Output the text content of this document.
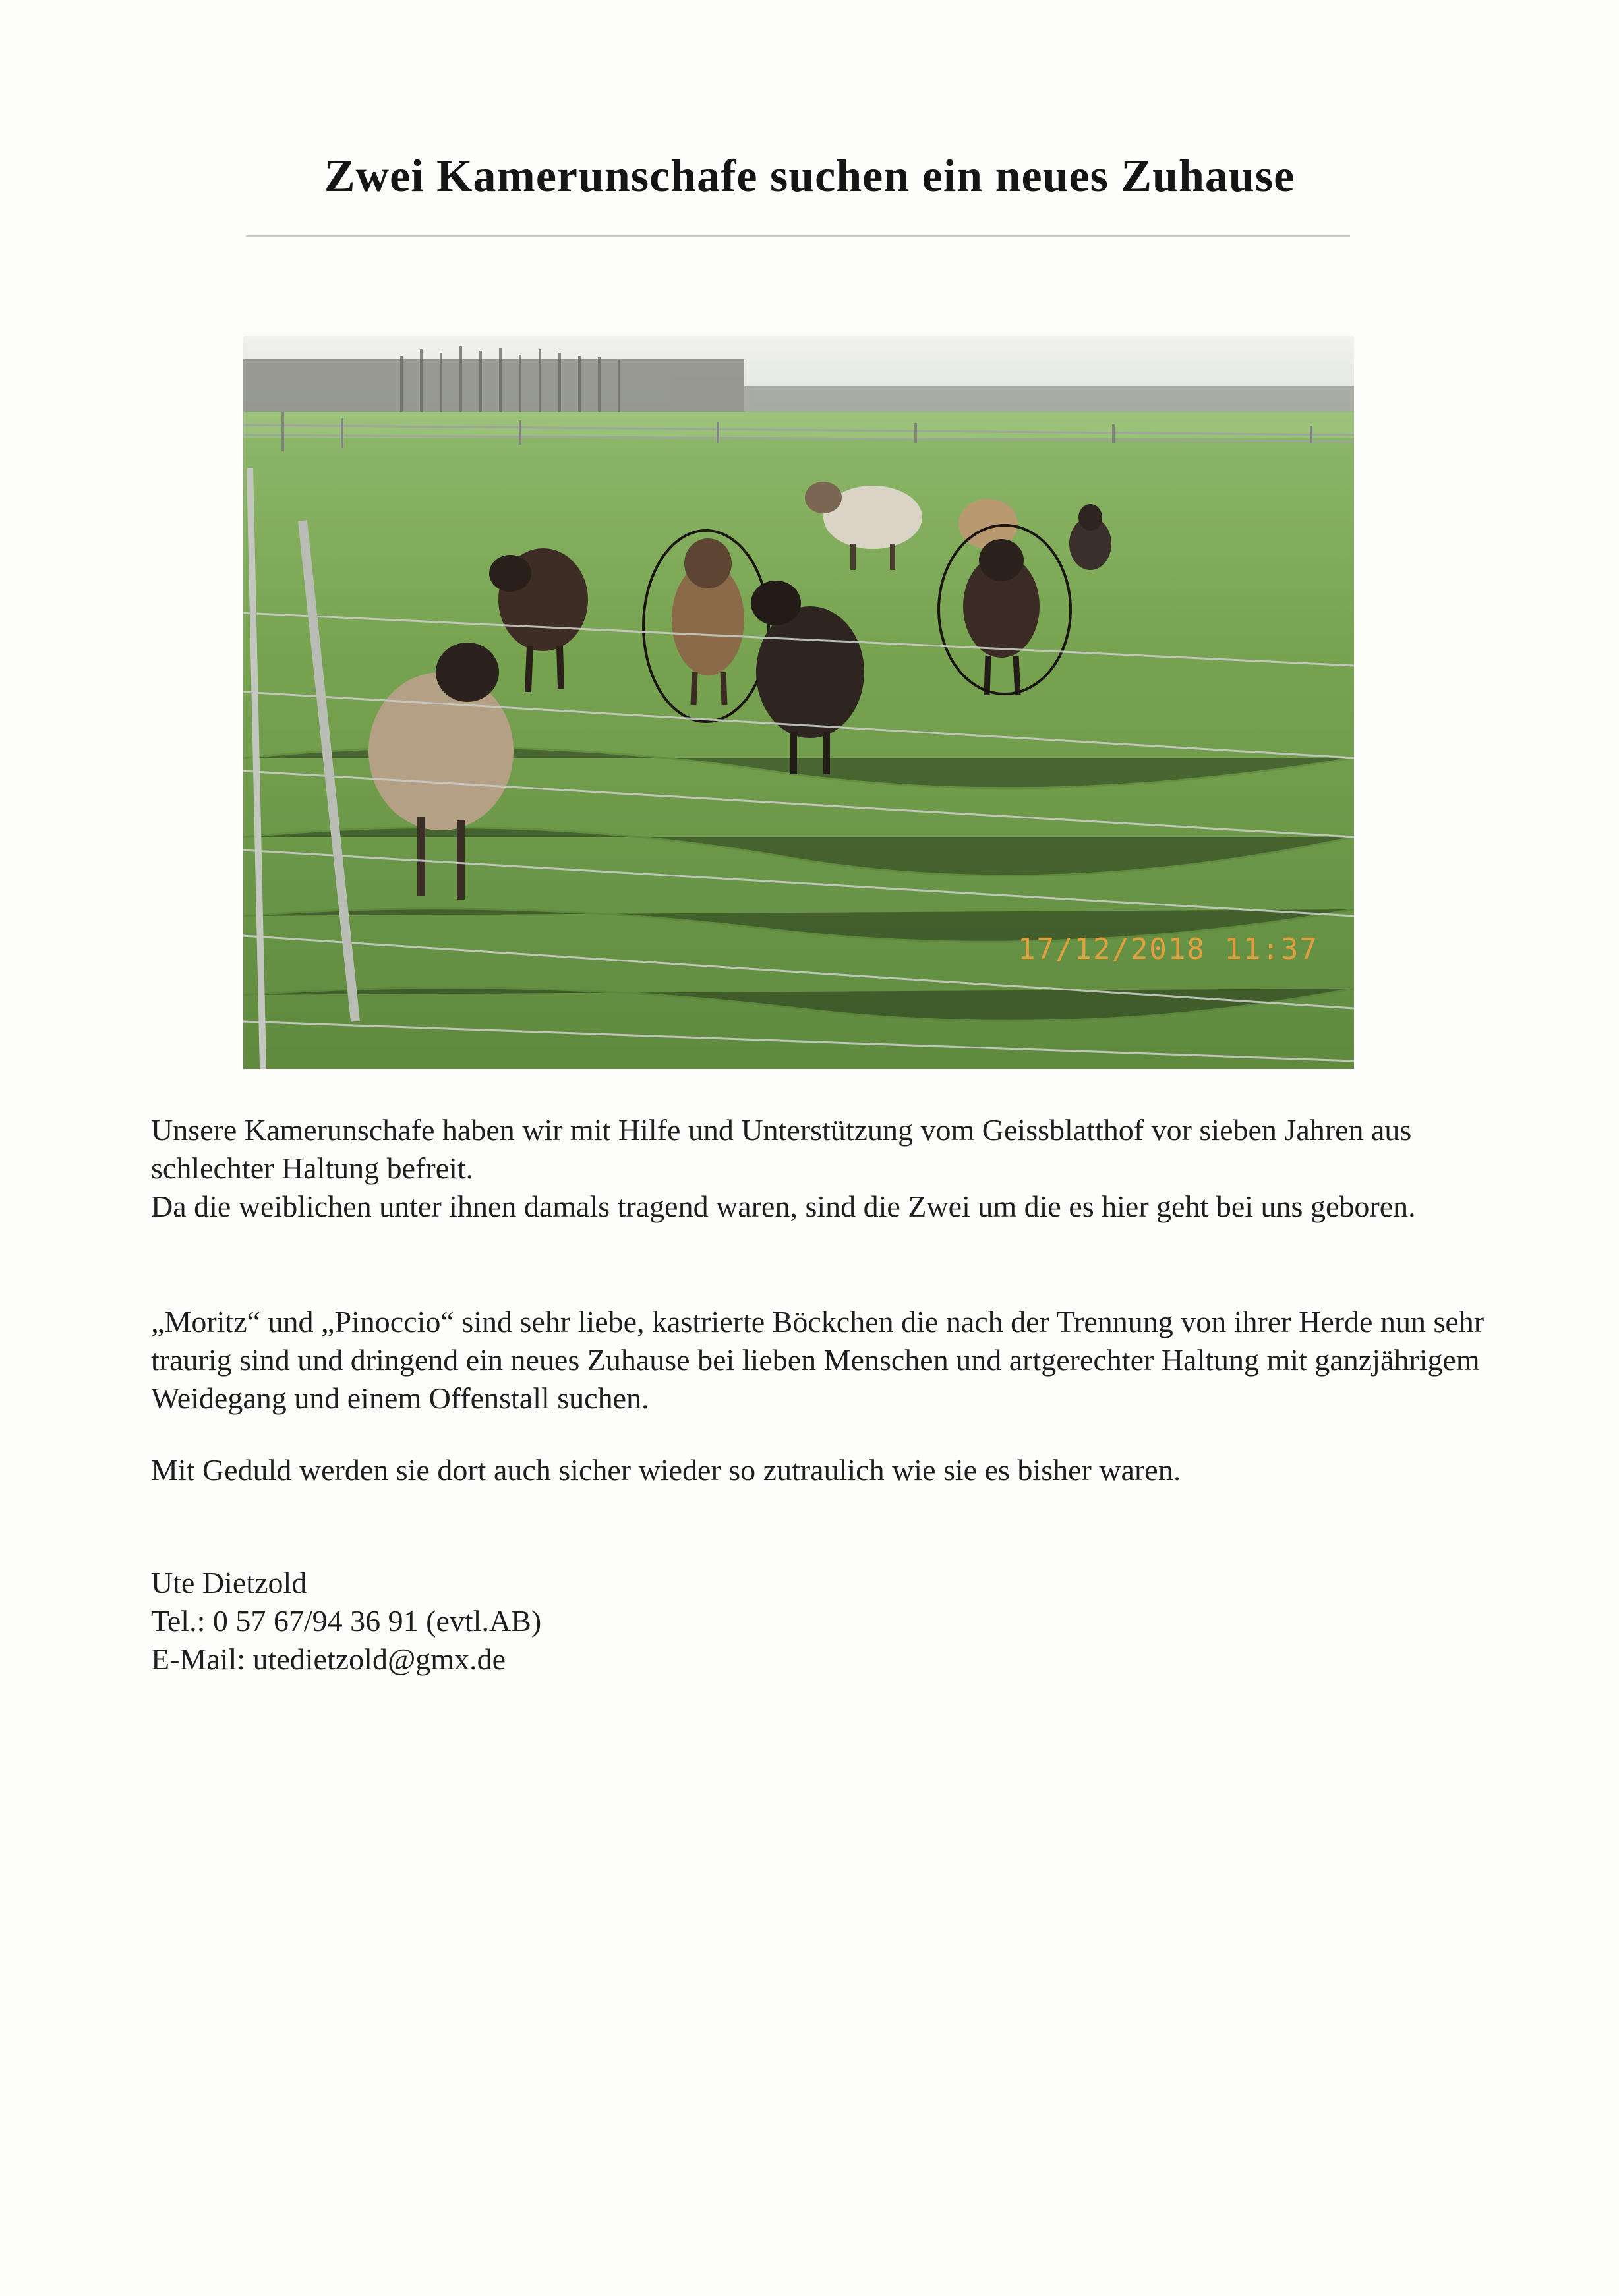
Zwei Kamerunschafe suchen ein neues Zuhause
17/12/2018 11:37

Unsere Kamerunschafe haben wir mit Hilfe und Unterstützung vom Geissblatthof vor sieben Jahren aus schlechter Haltung befreit.

Da die weiblichen unter ihnen damals tragend waren, sind die Zwei um die es hier geht bei uns geboren.

„Moritz“ und „Pinoccio“ sind sehr liebe, kastrierte Böckchen die nach der Trennung von ihrer Herde nun sehr traurig sind und dringend ein neues Zuhause bei lieben Menschen und artgerechter Haltung mit ganzjährigem Weidegang und einem Offenstall suchen.

Mit Geduld werden sie dort auch sicher wieder so zutraulich wie sie es bisher waren.

Ute Dietzold
Tel.: 0 57 67/94 36 91 (evtl.AB)
E-Mail: utedietzold@gmx.de
